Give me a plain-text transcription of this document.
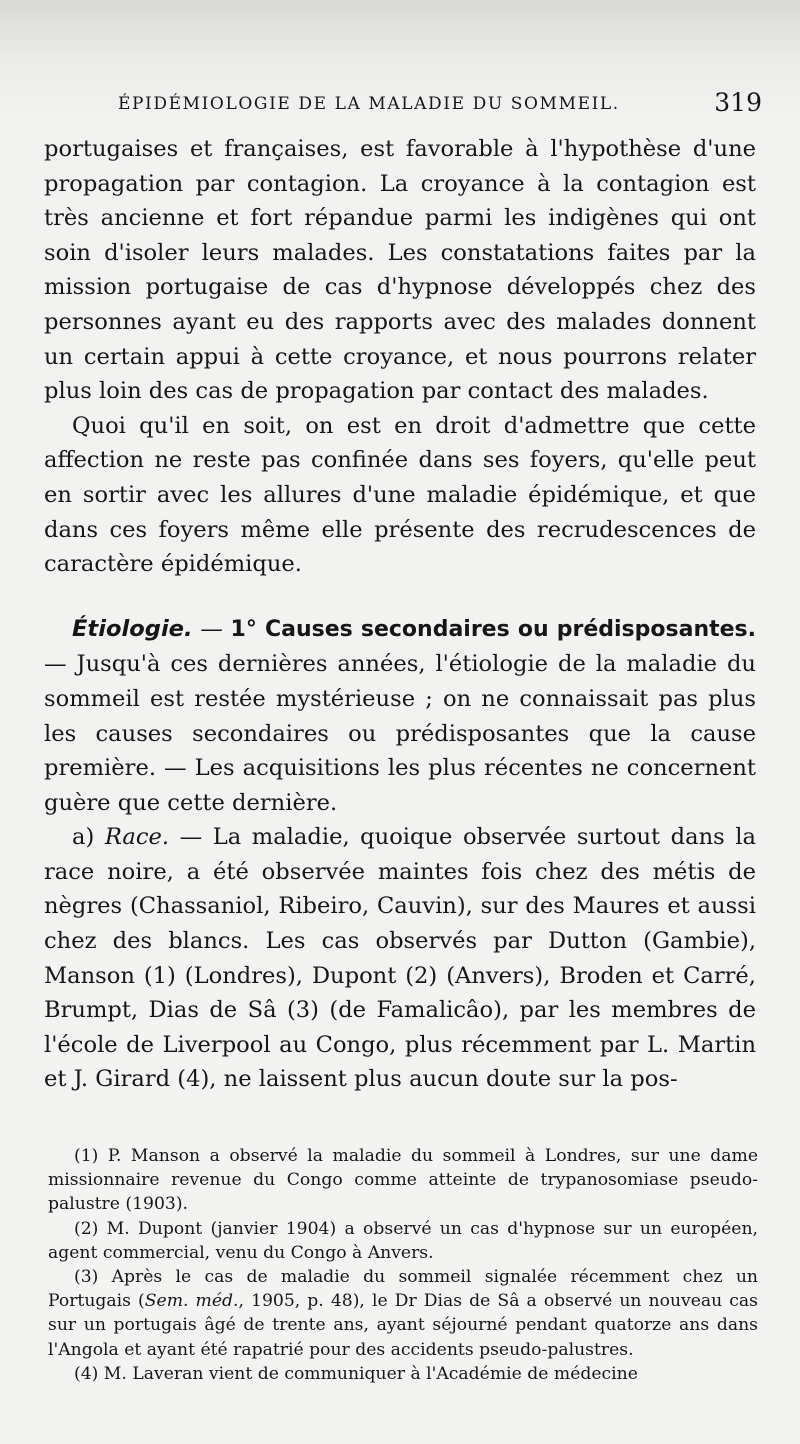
ÉPIDÉMIOLOGIE DE LA MALADIE DU SOMMEIL.	319

portugaises et françaises, est favorable à l'hypothèse d'une propagation par contagion. La croyance à la contagion est très ancienne et fort répandue parmi les indigènes qui ont soin d'isoler leurs malades. Les constatations faites par la mission portugaise de cas d'hypnose développés chez des personnes ayant eu des rapports avec des malades donnent un certain appui à cette croyance, et nous pourrons relater plus loin des cas de propagation par contact des malades.

Quoi qu'il en soit, on est en droit d'admettre que cette affection ne reste pas confinée dans ses foyers, qu'elle peut en sortir avec les allures d'une maladie épidémique, et que dans ces foyers même elle présente des recrudescences de caractère épidémique.

Étiologie. — 1° Causes secondaires ou prédisposantes. — Jusqu'à ces dernières années, l'étiologie de la maladie du sommeil est restée mystérieuse ; on ne connaissait pas plus les causes secondaires ou prédisposantes que la cause première. — Les acquisitions les plus récentes ne concernent guère que cette dernière.

a) Race. — La maladie, quoique observée surtout dans la race noire, a été observée maintes fois chez des métis de nègres (Chassaniol, Ribeiro, Cauvin), sur des Maures et aussi chez des blancs. Les cas observés par Dutton (Gambie), Manson (1) (Londres), Dupont (2) (Anvers), Broden et Carré, Brumpt, Dias de Sâ (3) (de Famalicâo), par les membres de l'école de Liverpool au Congo, plus récemment par L. Martin et J. Girard (4), ne laissent plus aucun doute sur la pos-

(1) P. Manson a observé la maladie du sommeil à Londres, sur une dame missionnaire revenue du Congo comme atteinte de trypanosomiase pseudo-palustre (1903).

(2) M. Dupont (janvier 1904) a observé un cas d'hypnose sur un européen, agent commercial, venu du Congo à Anvers.

(3) Après le cas de maladie du sommeil signalée récemment chez un Portugais (Sem. méd., 1905, p. 48), le Dr Dias de Sâ a observé un nouveau cas sur un portugais âgé de trente ans, ayant séjourné pendant quatorze ans dans l'Angola et ayant été rapatrié pour des accidents pseudo-palustres.

(4) M. Laveran vient de communiquer à l'Académie de médecine
